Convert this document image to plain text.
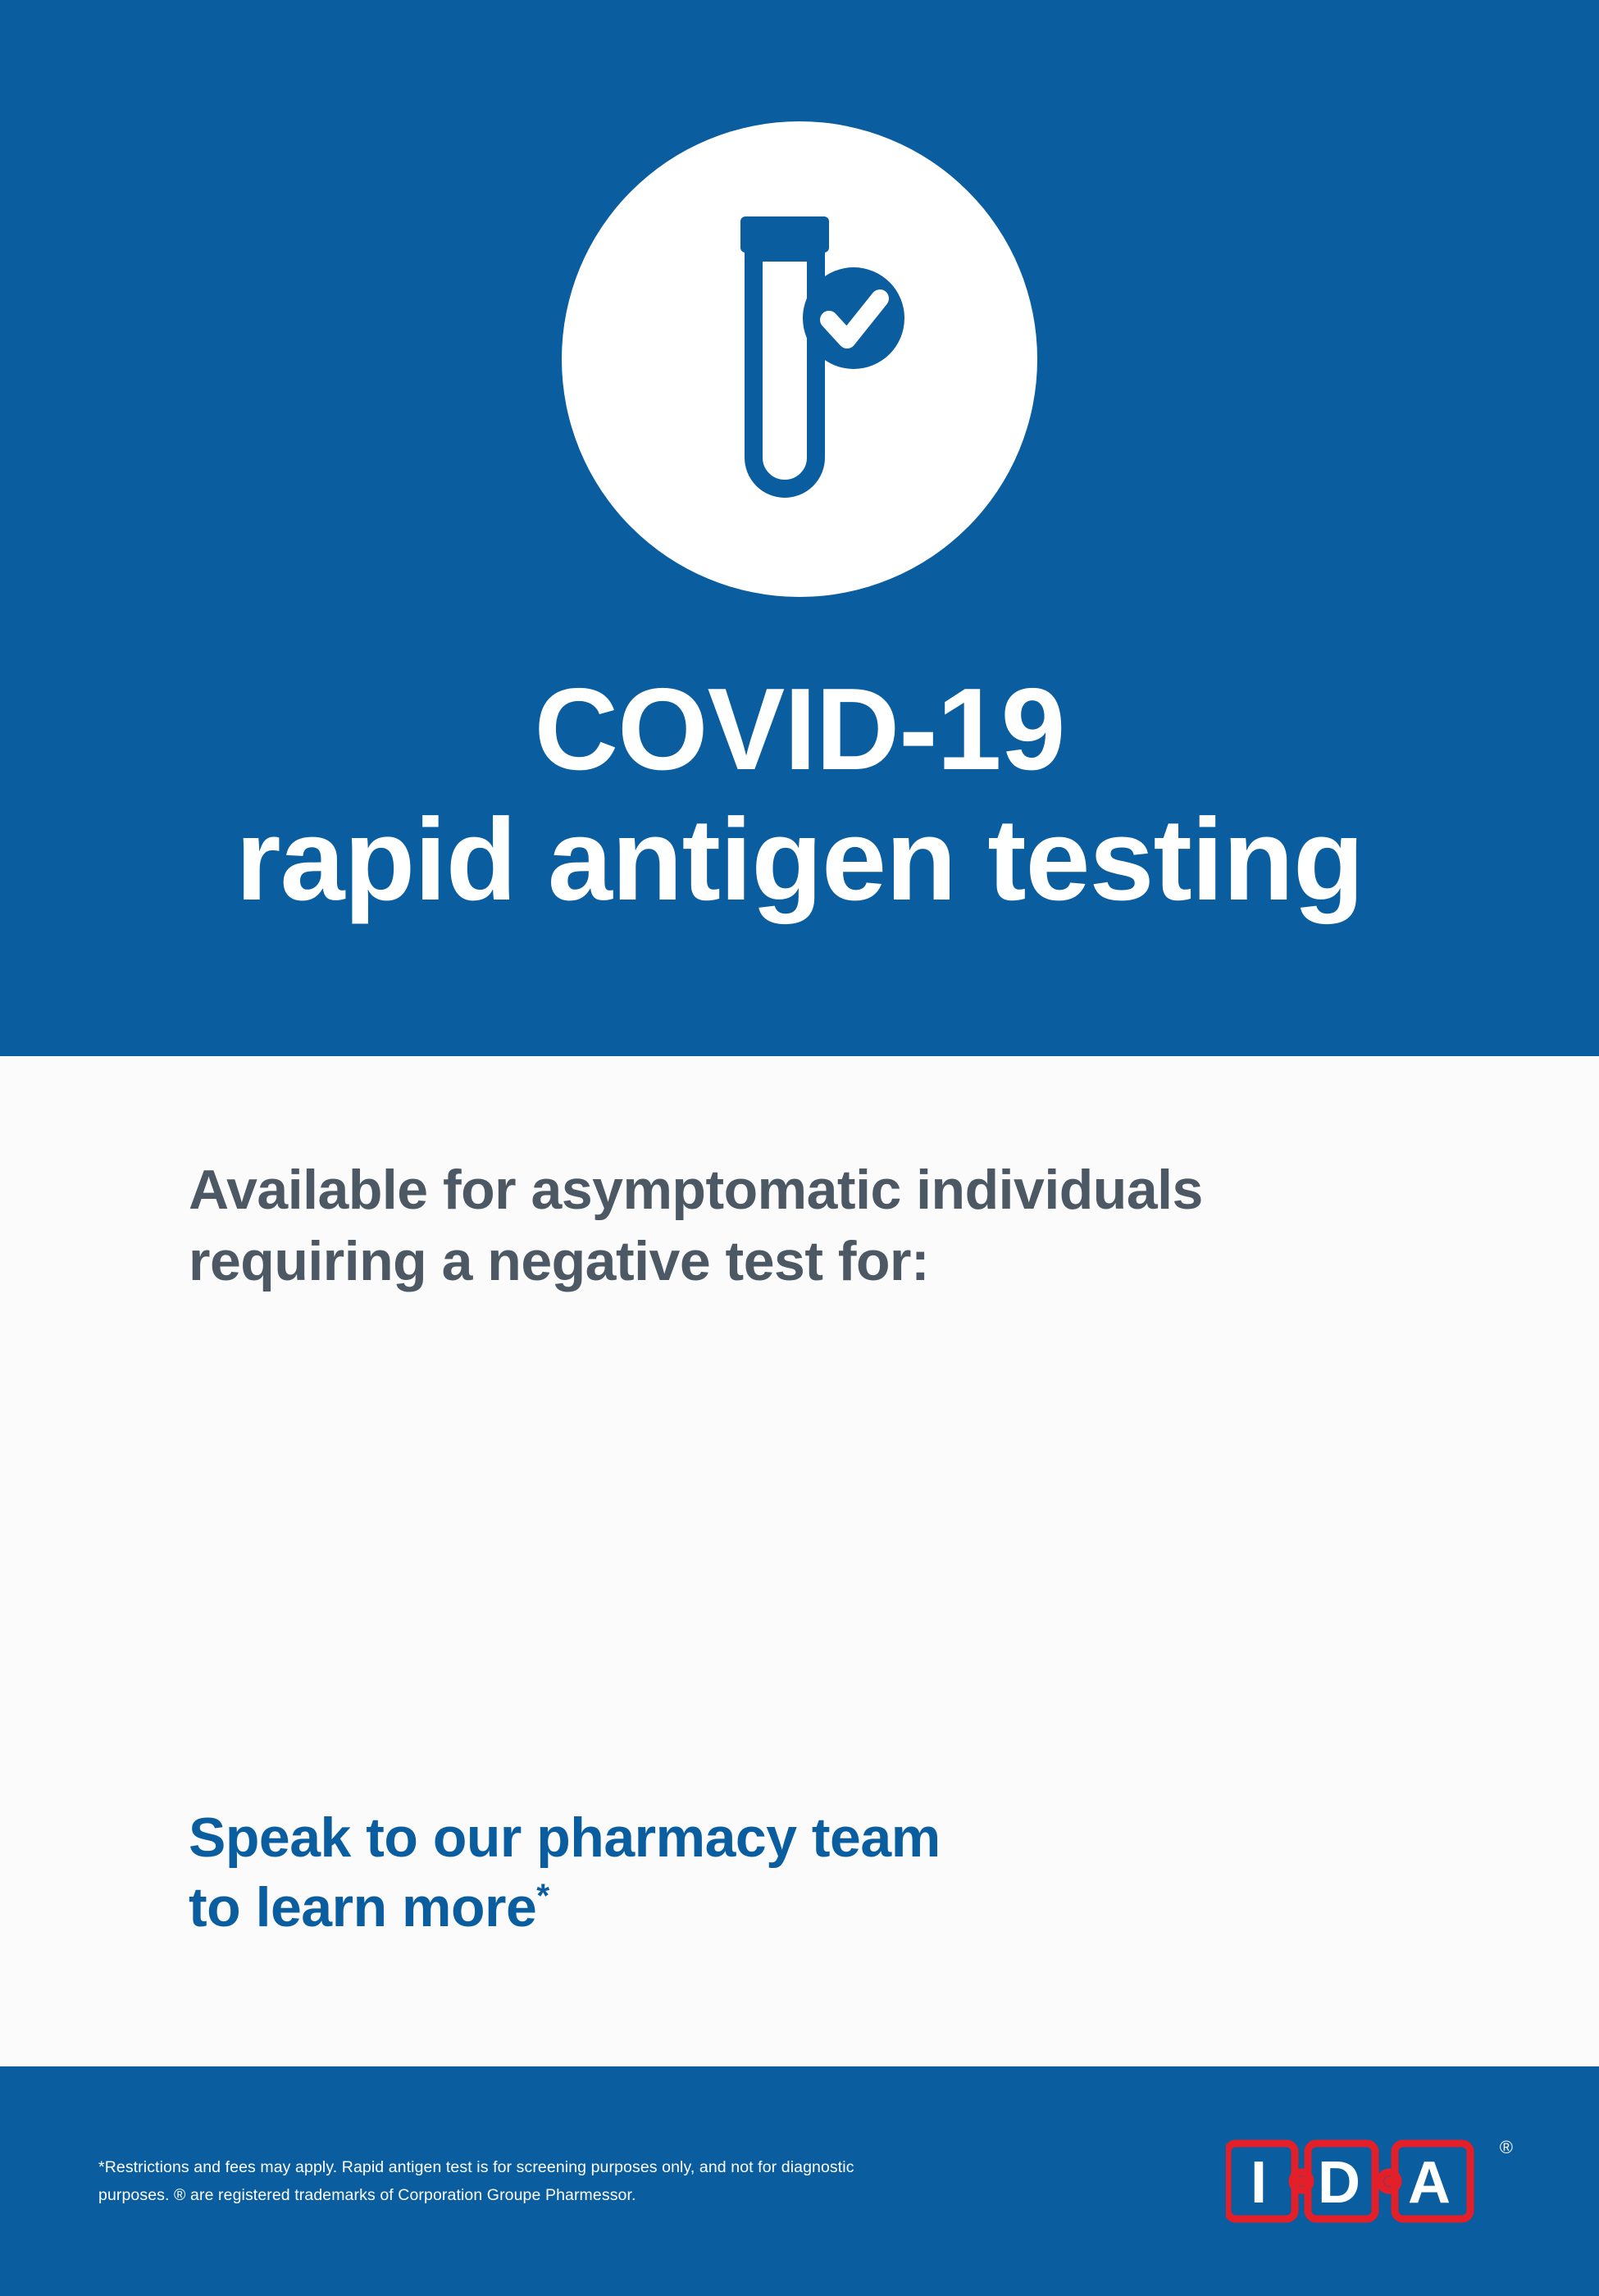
COVID-19
rapid antigen testing
Available for asymptomatic individuals
requiring a negative test for:
Speak to our pharmacy team
to learn more*
*Restrictions and fees may apply. Rapid antigen test is for screening purposes only, and not for diagnostic
purposes. ® are registered trademarks of Corporation Groupe Pharmessor.	I D A
®
